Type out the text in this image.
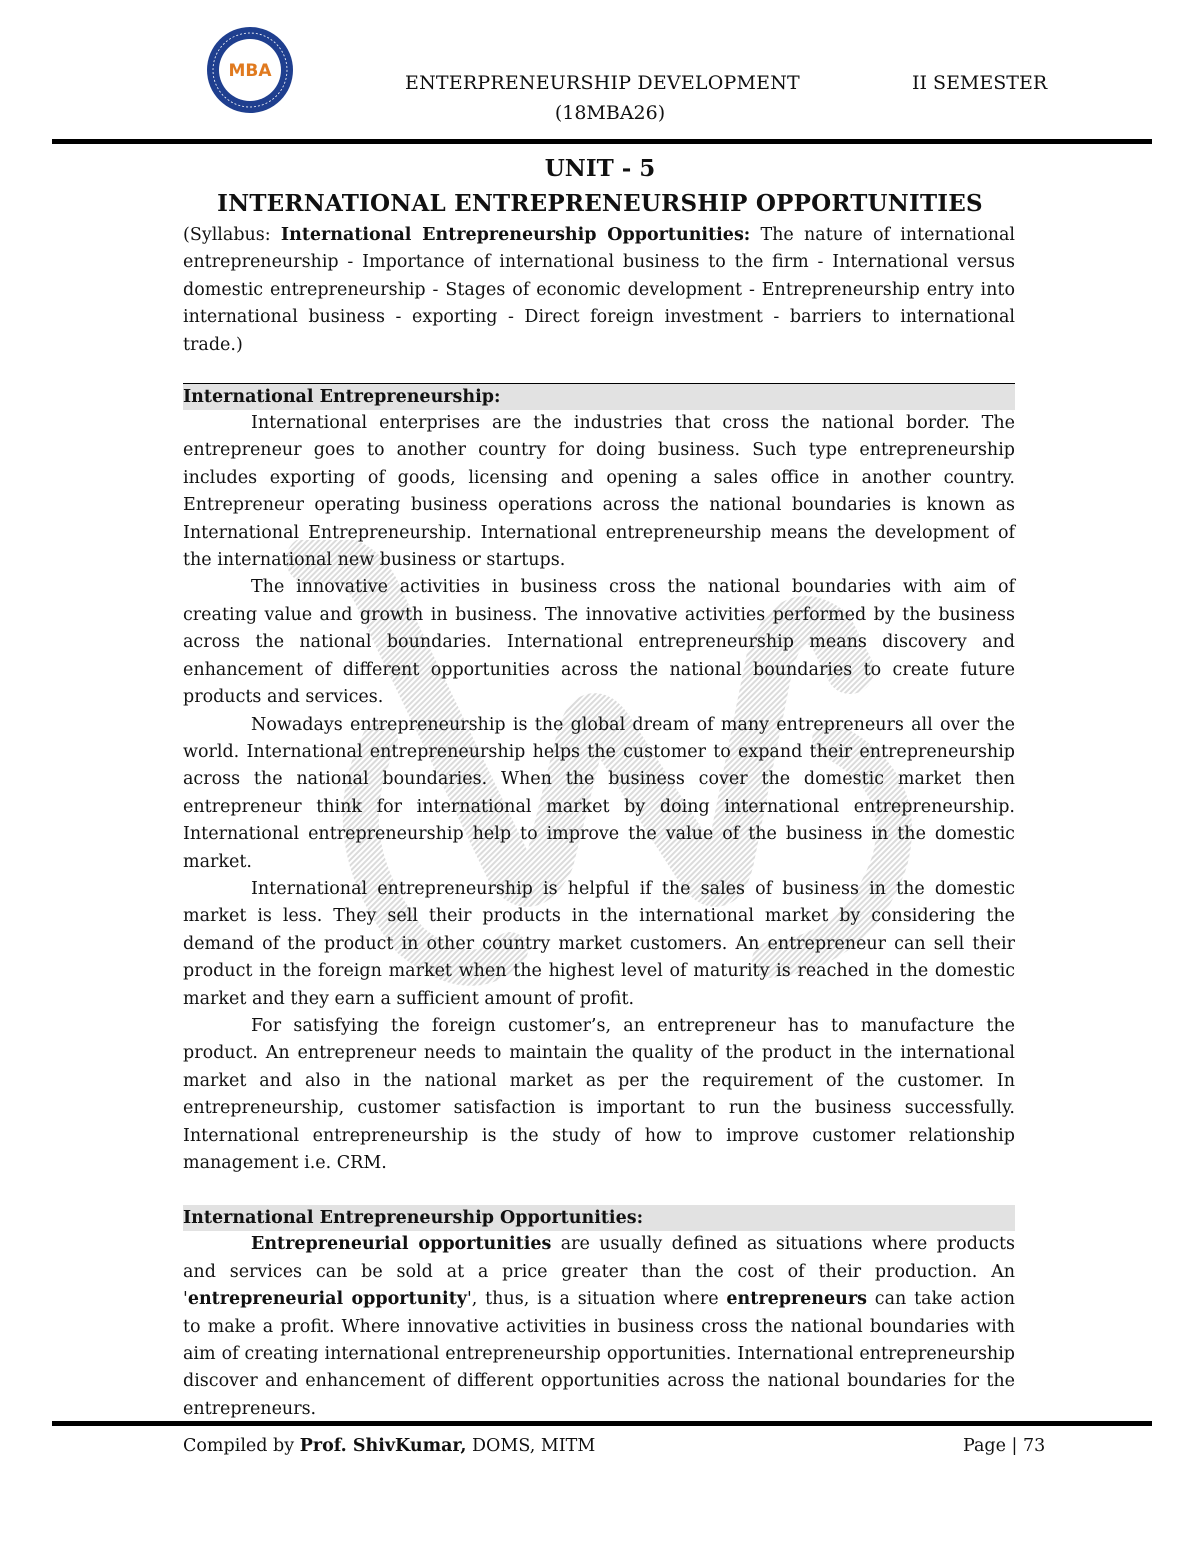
MBA
ENTERPRENEURSHIP DEVELOPMENT	II SEMESTER
(18MBA26)
UNIT - 5
INTERNATIONAL ENTREPRENEURSHIP OPPORTUNITIES

(Syllabus: International Entrepreneurship Opportunities: The nature of international entrepreneurship - Importance of international business to the firm - International versus domestic entrepreneurship - Stages of economic development - Entrepreneurship entry into international business - exporting - Direct foreign investment - barriers to international trade.)

International Entrepreneurship:

International enterprises are the industries that cross the national border. The entrepreneur goes to another country for doing business. Such type entrepreneurship includes exporting of goods, licensing and opening a sales office in another country. Entrepreneur operating business operations across the national boundaries is known as International Entrepreneurship. International entrepreneurship means the development of the international new business or startups.

The innovative activities in business cross the national boundaries with aim of creating value and growth in business. The innovative activities performed by the business across the national boundaries. International entrepreneurship means discovery and enhancement of different opportunities across the national boundaries to create future products and services.

Nowadays entrepreneurship is the global dream of many entrepreneurs all over the world. International entrepreneurship helps the customer to expand their entrepreneurship across the national boundaries. When the business cover the domestic market then entrepreneur think for international market by doing international entrepreneurship. International entrepreneurship help to improve the value of the business in the domestic market.

International entrepreneurship is helpful if the sales of business in the domestic market is less. They sell their products in the international market by considering the demand of the product in other country market customers. An entrepreneur can sell their product in the foreign market when the highest level of maturity is reached in the domestic market and they earn a sufficient amount of profit.

For satisfying the foreign customer’s, an entrepreneur has to manufacture the product. An entrepreneur needs to maintain the quality of the product in the international market and also in the national market as per the requirement of the customer. In entrepreneurship, customer satisfaction is important to run the business successfully. International entrepreneurship is the study of how to improve customer relationship management i.e. CRM.

International Entrepreneurship Opportunities:

Entrepreneurial opportunities are usually defined as situations where products and services can be sold at a price greater than the cost of their production. An 'entrepreneurial opportunity', thus, is a situation where entrepreneurs can take action to make a profit. Where innovative activities in business cross the national boundaries with aim of creating international entrepreneurship opportunities. International entrepreneurship discover and enhancement of different opportunities across the national boundaries for the entrepreneurs.

Compiled by Prof. ShivKumar, DOMS, MITM	Page | 73
